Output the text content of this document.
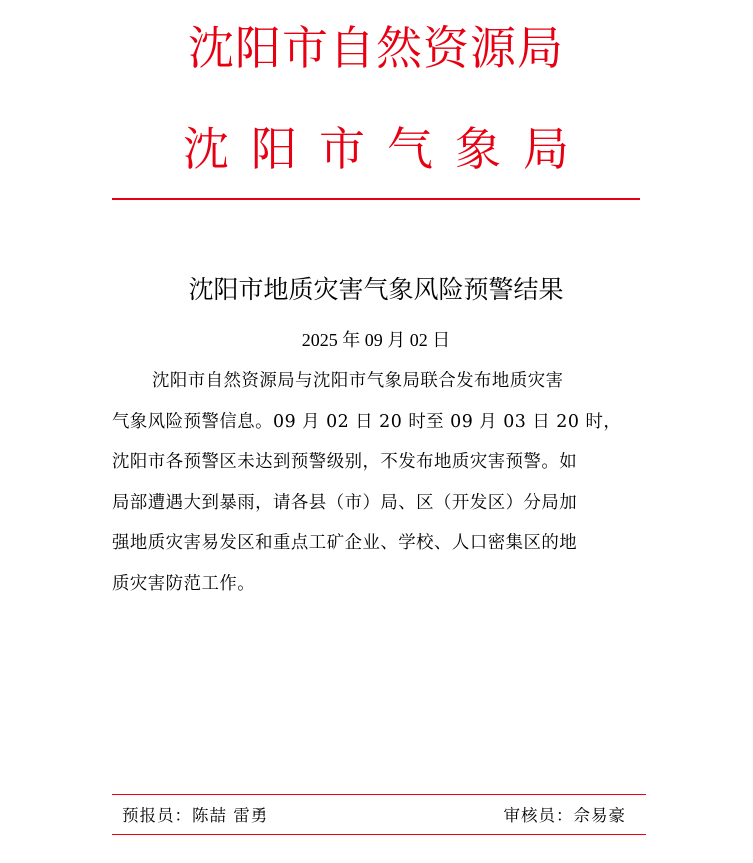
沈阳市自然资源局
沈阳市气象局
沈阳市地质灾害气象风险预警结果
2025 年 09 月 02 日
沈阳市自然资源局与沈阳市气象局联合发布地质灾害
气象风险预警信息。09 月 02 日 20 时至 09 月 03 日 20 时，
沈阳市各预警区未达到预警级别，不发布地质灾害预警。如
局部遭遇大到暴雨，请各县（市）局、区（开发区）分局加
强地质灾害易发区和重点工矿企业、学校、人口密集区的地
质灾害防范工作。
预报员：陈喆 雷勇	审核员：佘易豪
